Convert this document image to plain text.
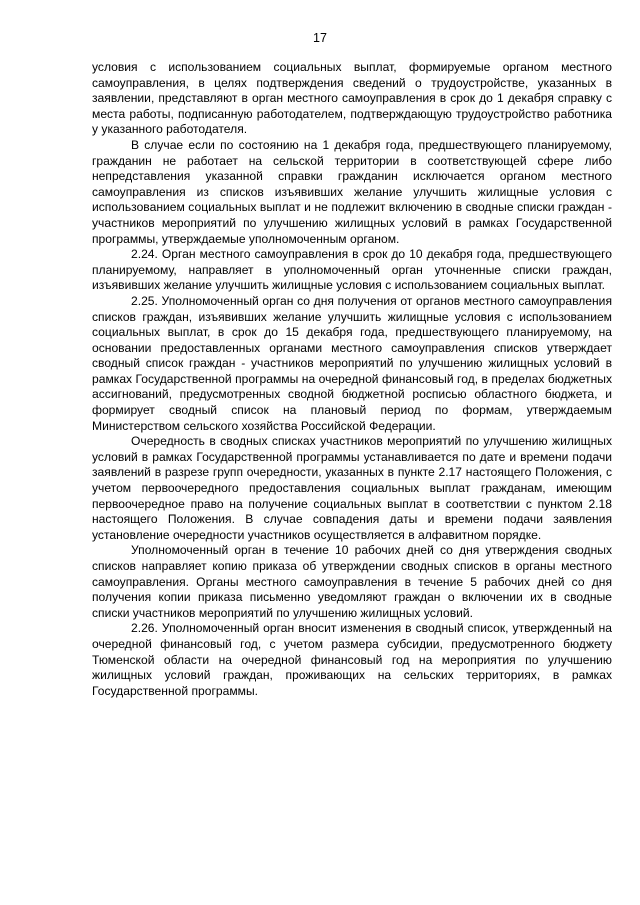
17

условия с использованием социальных выплат, формируемые органом местного самоуправления, в целях подтверждения сведений о трудоустройстве, указанных в заявлении, представляют в орган местного самоуправления в срок до 1 декабря справку с места работы, подписанную работодателем, подтверждающую трудоустройство работника у указанного работодателя.

В случае если по состоянию на 1 декабря года, предшествующего планируемому, гражданин не работает на сельской территории в соответствующей сфере либо непредставления указанной справки гражданин исключается органом местного самоуправления из списков изъявивших желание улучшить жилищные условия с использованием социальных выплат и не подлежит включению в сводные списки граждан - участников мероприятий по улучшению жилищных условий в рамках Государственной программы, утверждаемые уполномоченным органом.

2.24. Орган местного самоуправления в срок до 10 декабря года, предшествующего планируемому, направляет в уполномоченный орган уточненные списки граждан, изъявивших желание улучшить жилищные условия с использованием социальных выплат.

2.25. Уполномоченный орган со дня получения от органов местного самоуправления списков граждан, изъявивших желание улучшить жилищные условия с использованием социальных выплат, в срок до 15 декабря года, предшествующего планируемому, на основании предоставленных органами местного самоуправления списков утверждает сводный список граждан - участников мероприятий по улучшению жилищных условий в рамках Государственной программы на очередной финансовый год, в пределах бюджетных ассигнований, предусмотренных сводной бюджетной росписью областного бюджета, и формирует сводный список на плановый период по формам, утверждаемым Министерством сельского хозяйства Российской Федерации.

Очередность в сводных списках участников мероприятий по улучшению жилищных условий в рамках Государственной программы устанавливается по дате и времени подачи заявлений в разрезе групп очередности, указанных в пункте 2.17 настоящего Положения, с учетом первоочередного предоставления социальных выплат гражданам, имеющим первоочередное право на получение социальных выплат в соответствии с пунктом 2.18 настоящего Положения. В случае совпадения даты и времени подачи заявления установление очередности участников осуществляется в алфавитном порядке.

Уполномоченный орган в течение 10 рабочих дней со дня утверждения сводных списков направляет копию приказа об утверждении сводных списков в органы местного самоуправления. Органы местного самоуправления в течение 5 рабочих дней со дня получения копии приказа письменно уведомляют граждан о включении их в сводные списки участников мероприятий по улучшению жилищных условий.

2.26. Уполномоченный орган вносит изменения в сводный список, утвержденный на очередной финансовый год, с учетом размера субсидии, предусмотренного бюджету Тюменской области на очередной финансовый год на мероприятия по улучшению жилищных условий граждан, проживающих на сельских территориях, в рамках Государственной программы.
